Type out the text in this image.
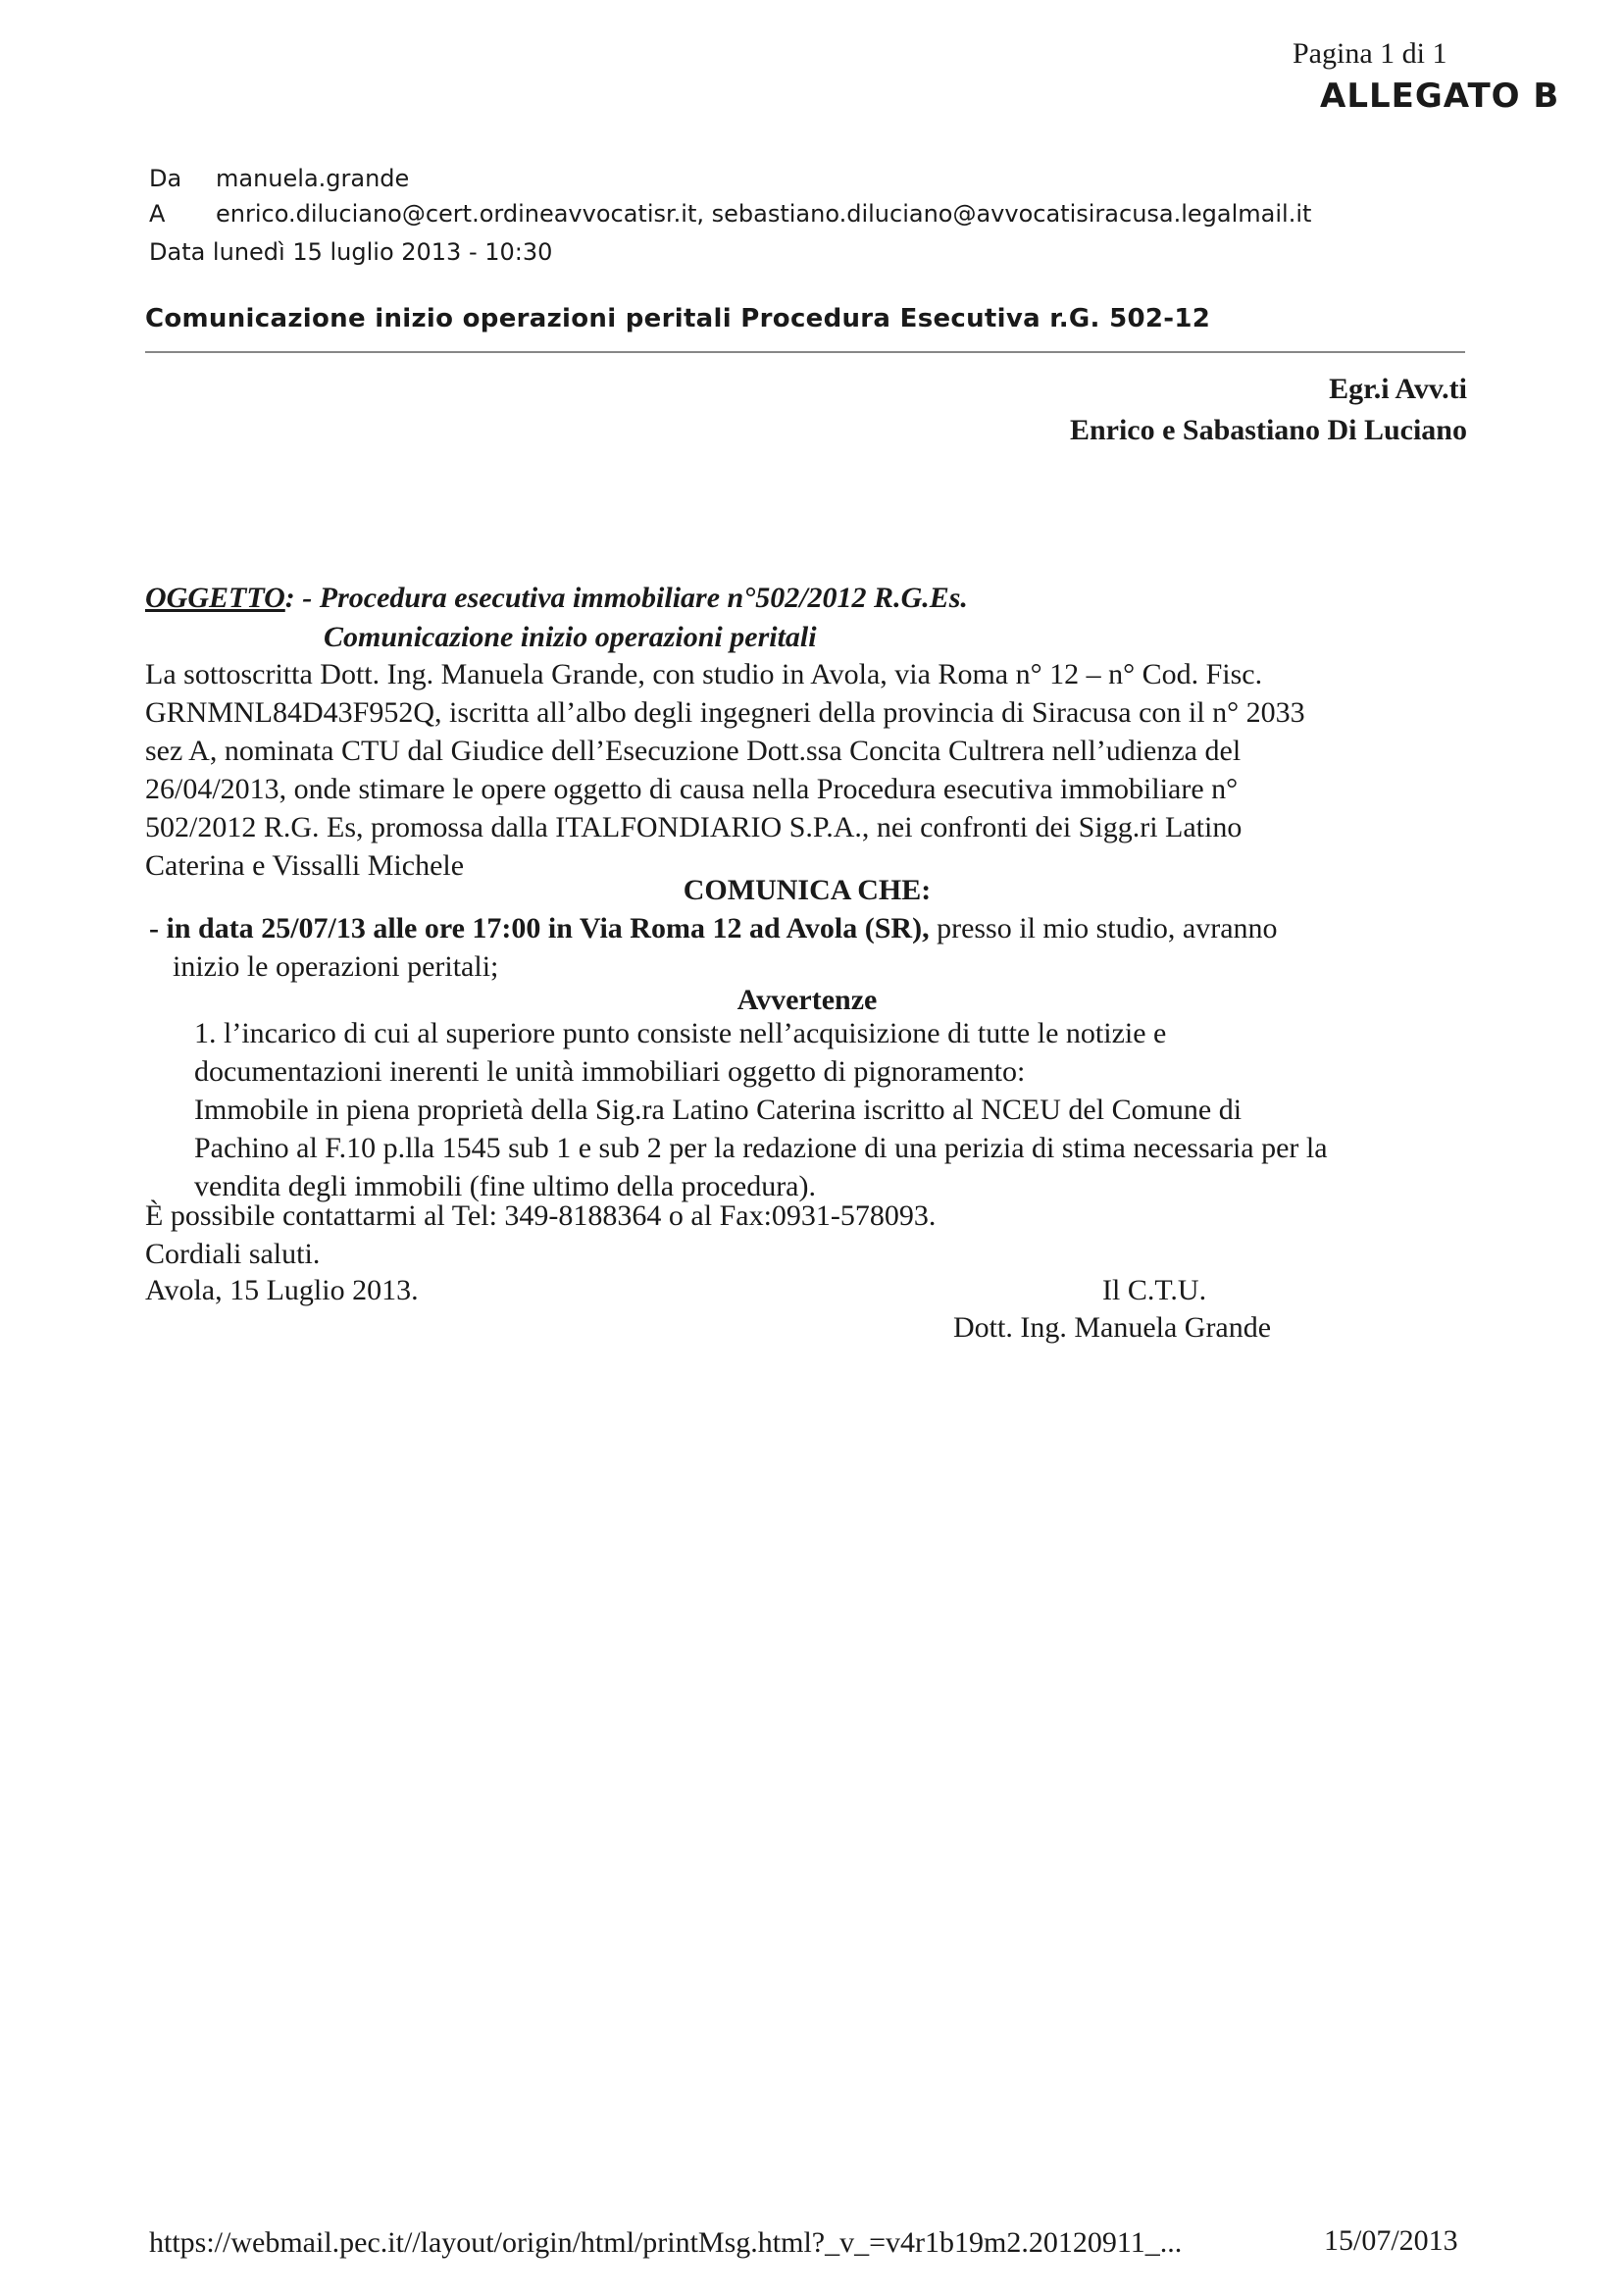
Pagina 1 di 1
ALLEGATO B
Da manuela.grande
A enrico.diluciano@cert.ordineavvocatisr.it, sebastiano.diluciano@avvocatisiracusa.legalmail.it
Data lunedì 15 luglio 2013 - 10:30
Comunicazione inizio operazioni peritali Procedura Esecutiva r.G. 502-12
Egr.i Avv.ti
Enrico e Sabastiano Di Luciano
OGGETTO: - Procedura esecutiva immobiliare n°502/2012 R.G.Es.
Comunicazione inizio operazioni peritali
La sottoscritta Dott. Ing. Manuela Grande, con studio in Avola, via Roma n° 12 – n° Cod. Fisc.
GRNMNL84D43F952Q, iscritta all’albo degli ingegneri della provincia di Siracusa con il n° 2033
sez A, nominata CTU dal Giudice dell’Esecuzione Dott.ssa Concita Cultrera nell’udienza del
26/04/2013, onde stimare le opere oggetto di causa nella Procedura esecutiva immobiliare n°
502/2012 R.G. Es, promossa dalla ITALFONDIARIO S.P.A., nei confronti dei Sigg.ri Latino
Caterina e Vissalli Michele
COMUNICA CHE:
- in data 25/07/13 alle ore 17:00 in Via Roma 12 ad Avola (SR), presso il mio studio, avranno
inizio le operazioni peritali;
Avvertenze
1. l’incarico di cui al superiore punto consiste nell’acquisizione di tutte le notizie e
documentazioni inerenti le unità immobiliari oggetto di pignoramento:
Immobile in piena proprietà della Sig.ra Latino Caterina iscritto al NCEU del Comune di
Pachino al F.10 p.lla 1545 sub 1 e sub 2 per la redazione di una perizia di stima necessaria per la
vendita degli immobili (fine ultimo della procedura).
È possibile contattarmi al Tel: 349-8188364 o al Fax:0931-578093.
Cordiali saluti.
Avola, 15 Luglio 2013.	Il C.T.U.
Dott. Ing. Manuela Grande
https://webmail.pec.it//layout/origin/html/printMsg.html?_v_=v4r1b19m2.20120911_...	15/07/2013
